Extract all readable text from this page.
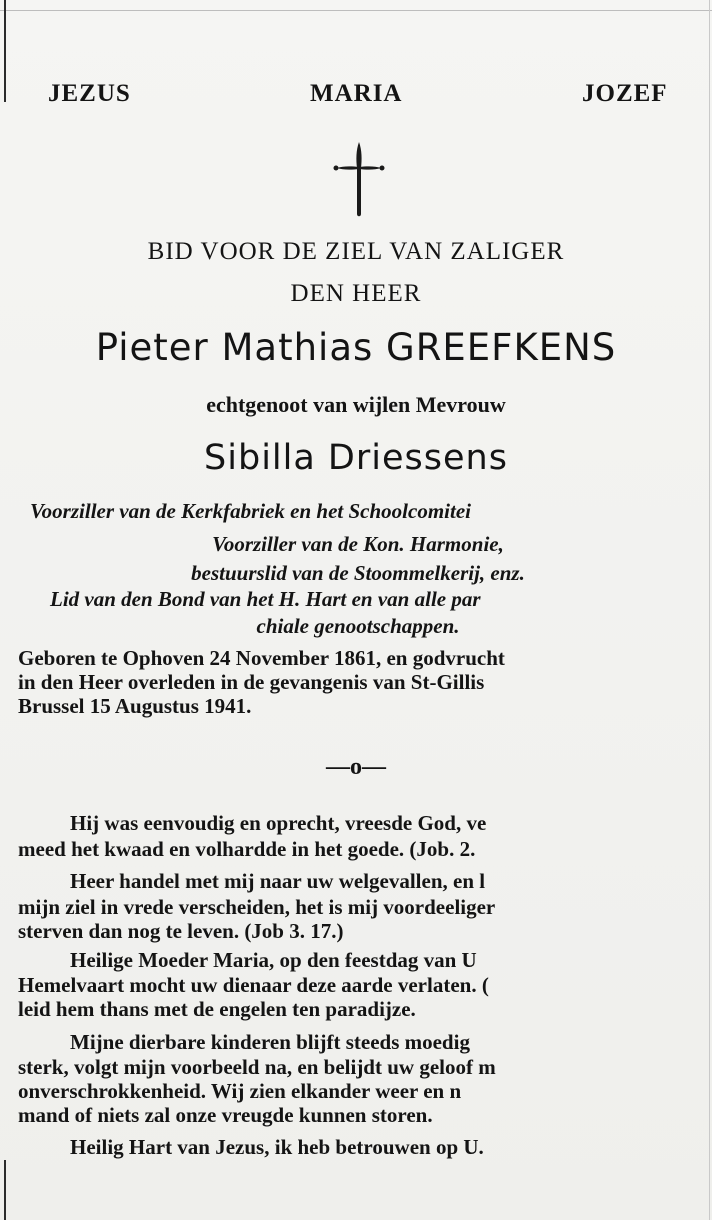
JEZUS	MARIA	JOZEF
BID VOOR DE ZIEL VAN ZALIGER
DEN HEER
Pieter Mathias GREEFKENS
echtgenoot van wijlen Mevrouw
Sibilla Driessens
Voorziller van de Kerkfabriek en het Schoolcomitei
Voorziller van de Kon. Harmonie,
bestuurslid van de Stoommelkerij, enz.
Lid van den Bond van het H. Hart en van alle par
chiale genootschappen.
Geboren te Ophoven 24 November 1861, en godvrucht
in den Heer overleden in de gevangenis van St-Gillis
Brussel 15 Augustus 1941.
—o—
Hij was eenvoudig en oprecht, vreesde God, ve
meed het kwaad en volhardde in het goede. (Job. 2.
Heer handel met mij naar uw welgevallen, en l
mijn ziel in vrede verscheiden, het is mij voordeeliger
sterven dan nog te leven. (Job 3. 17.)
Heilige Moeder Maria, op den feestdag van U
Hemelvaart mocht uw dienaar deze aarde verlaten. (
leid hem thans met de engelen ten paradijze.
Mijne dierbare kinderen blijft steeds moedig
sterk, volgt mijn voorbeeld na, en belijdt uw geloof m
onverschrokkenheid. Wij zien elkander weer en n
mand of niets zal onze vreugde kunnen storen.
Heilig Hart van Jezus, ik heb betrouwen op U.
